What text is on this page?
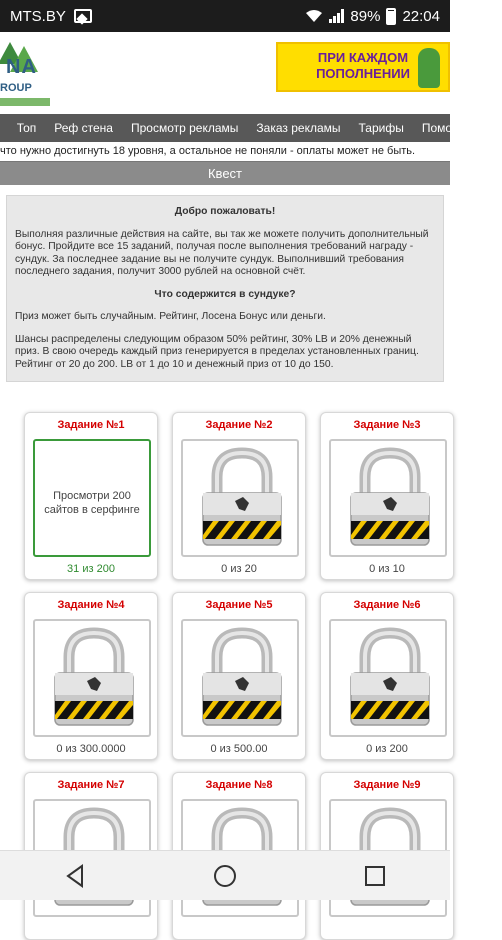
MTS.BY	89% 22:04
NA
ROUP
ПРИ КАЖДОМ ПОПОЛНЕНИИ
Топ	Реф стена	Просмотр рекламы	Заказ рекламы	Тарифы	Помощь	К
что нужно достигнуть 18 уровня, а остальное не поняли - оплаты может не быть.
Квест
Добро пожаловать!

Выполняя различные действия на сайте, вы так же можете получить дополнительный бонус. Пройдите все 15 заданий, получая после выполнения требований награду - сундук. За последнее задание вы не получите сундук. Выполнивший требования последнего задания, получит 3000 рублей на основной счёт.

Что содержится в сундуке?

Приз может быть случайным. Рейтинг, Лосена Бонус или деньги.

Шансы распределены следующим образом 50% рейтинг, 30% LB и 20% денежный приз. В свою очередь каждый приз генерируется в пределах установленных границ. Рейтинг от 20 до 200. LB от 1 до 10 и денежный приз от 10 до 150.

Задание №1
Просмотри 200 сайтов в серфинге
31 из 200
Задание №2
0 из 20
Задание №3
0 из 10
Задание №4
0 из 300.0000
Задание №5
0 из 500.00
Задание №6
0 из 200
Задание №7	Задание №8	Задание №9
